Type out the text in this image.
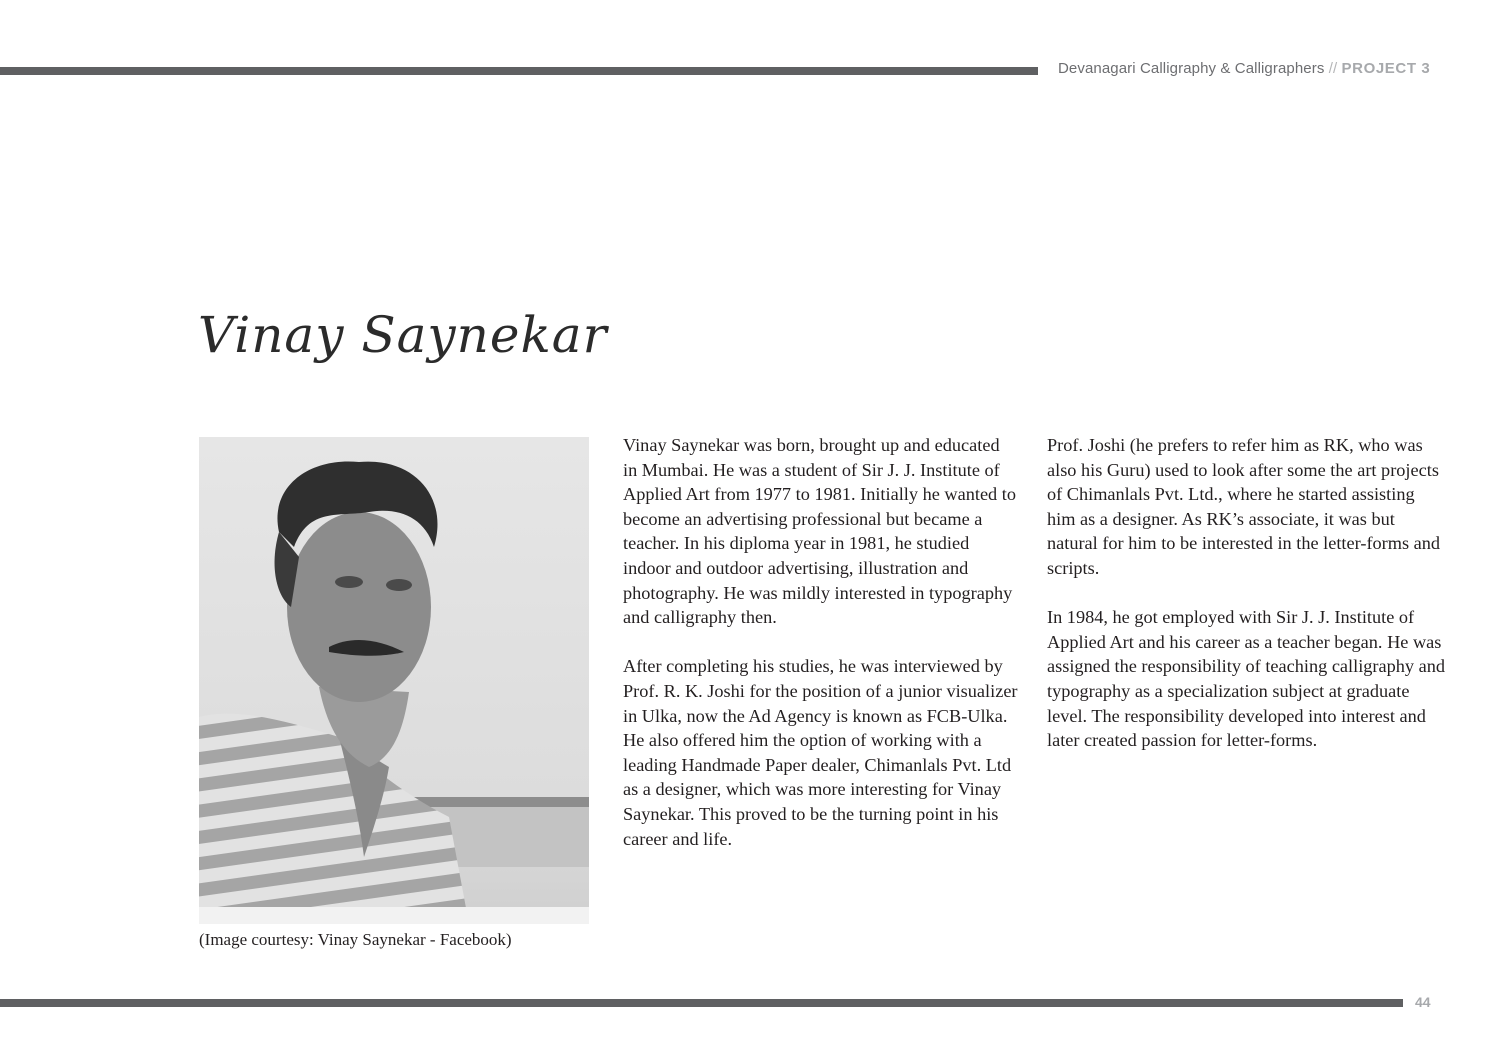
Devanagari Calligraphy & Calligraphers // PROJECT 3
Vinay Saynekar
(Image courtesy: Vinay Saynekar - Facebook)

Vinay Saynekar was born, brought up and educated in Mumbai. He was a student of Sir J. J. Institute of Applied Art from 1977 to 1981. Initially he wanted to become an advertising professional but became a teacher. In his diploma year in 1981, he studied indoor and outdoor advertising, illustration and photography. He was mildly interested in typography and calligraphy then.

After completing his studies, he was interviewed by Prof. R. K. Joshi for the position of a junior visualizer in Ulka, now the Ad Agency is known as FCB-Ulka. He also offered him the option of working with a leading Handmade Paper dealer, Chimanlals Pvt. Ltd as a designer, which was more interesting for Vinay Saynekar. This proved to be the turning point in his career and life.

Prof. Joshi (he prefers to refer him as RK, who was also his Guru) used to look after some the art projects of Chimanlals Pvt. Ltd., where he started assisting him as a designer. As RK’s associate, it was but natural for him to be interested in the letter-forms and scripts.

In 1984, he got employed with Sir J. J. Institute of Applied Art and his career as a teacher began. He was assigned the responsibility of teaching calligraphy and typography as a specialization subject at graduate level. The responsibility developed into interest and later created passion for letter-forms.

44
